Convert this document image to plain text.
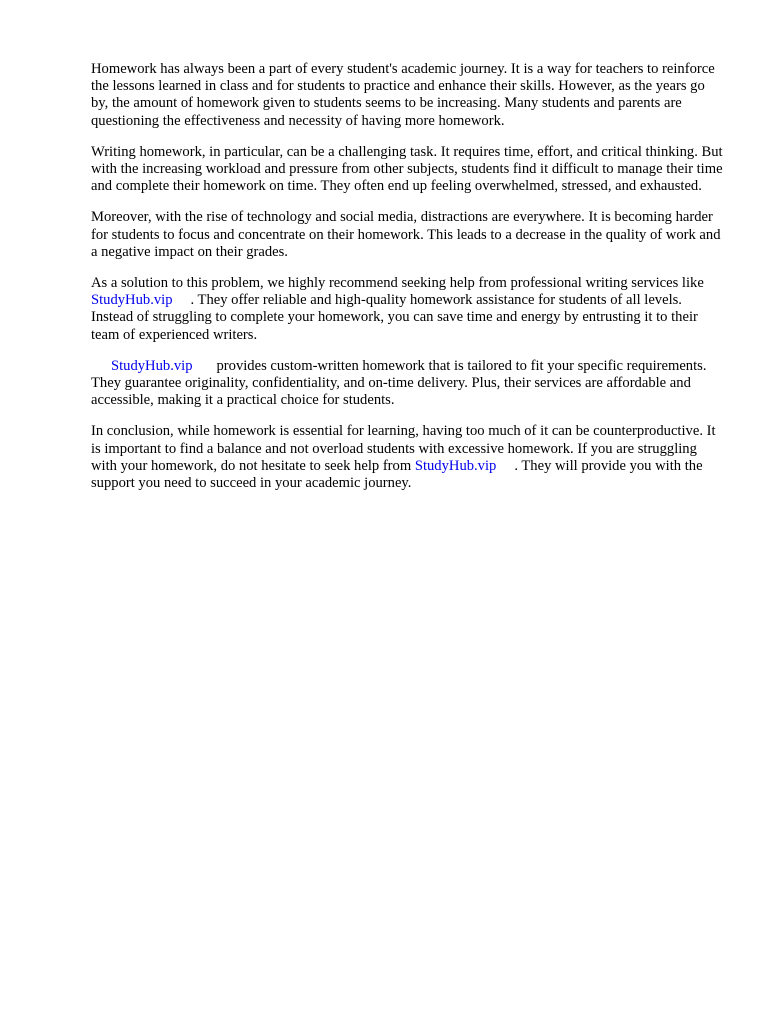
Homework has always been a part of every student's academic journey. It is a way for teachers to reinforce the lessons learned in class and for students to practice and enhance their skills. However, as the years go by, the amount of homework given to students seems to be increasing. Many students and parents are questioning the effectiveness and necessity of having more homework.

Writing homework, in particular, can be a challenging task. It requires time, effort, and critical thinking. But with the increasing workload and pressure from other subjects, students find it difficult to manage their time and complete their homework on time. They often end up feeling overwhelmed, stressed, and exhausted.

Moreover, with the rise of technology and social media, distractions are everywhere. It is becoming harder for students to focus and concentrate on their homework. This leads to a decrease in the quality of work and a negative impact on their grades.

As a solution to this problem, we highly recommend seeking help from professional writing services likeStudyHub.vip . They offer reliable and high-quality homework assistance for students of all levels. Instead of struggling to complete your homework, you can save time and energy by entrusting it to their team of experienced writers.

StudyHub.vip provides custom-written homework that is tailored to fit your specific requirements. They guarantee originality, confidentiality, and on-time delivery. Plus, their services are affordable and accessible, making it a practical choice for students.

In conclusion, while homework is essential for learning, having too much of it can be counterproductive. It is important to find a balance and not overload students with excessive homework. If you are struggling with your homework, do not hesitate to seek help from StudyHub.vip . They will provide you with the support you need to succeed in your academic journey.
